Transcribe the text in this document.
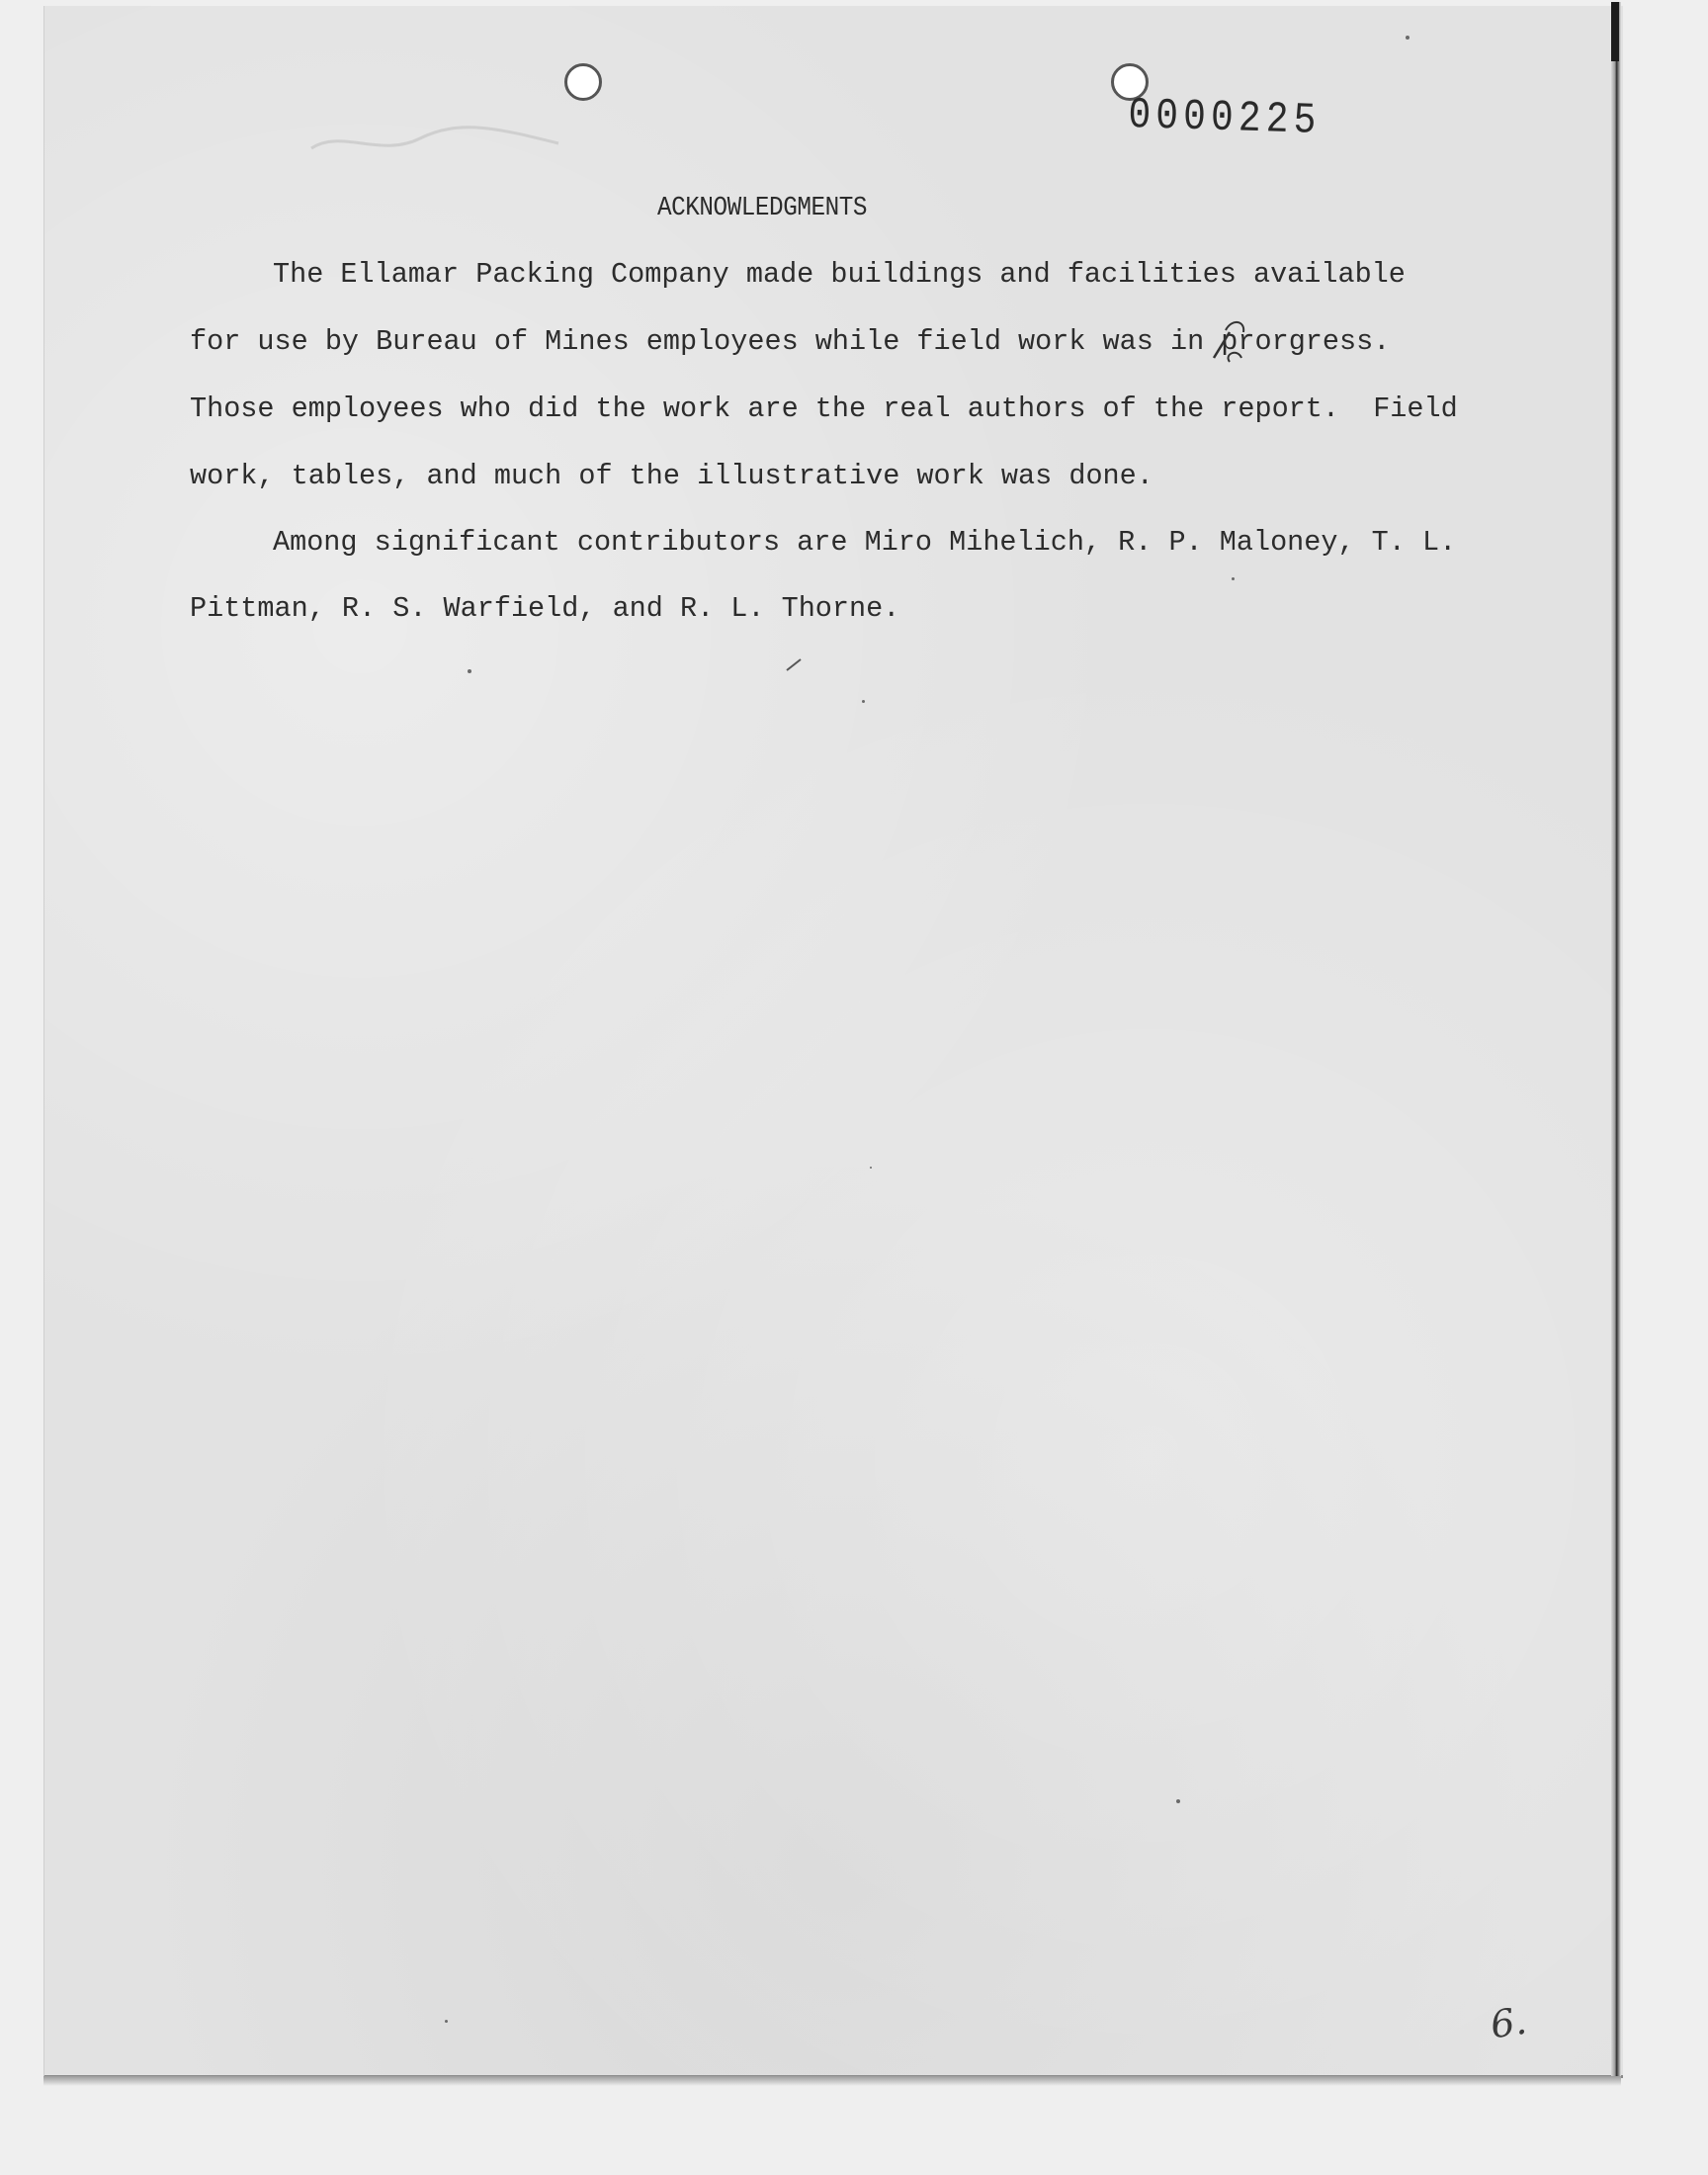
0000225
ACKNOWLEDGMENTS
The Ellamar Packing Company made buildings and facilities available
for use by Bureau of Mines employees while field work was in prorgress.
Those employees who did the work are the real authors of the report.  Field
work, tables, and much of the illustrative work was done.
Among significant contributors are Miro Mihelich, R. P. Maloney, T. L.
Pittman, R. S. Warfield, and R. L. Thorne.
6.
